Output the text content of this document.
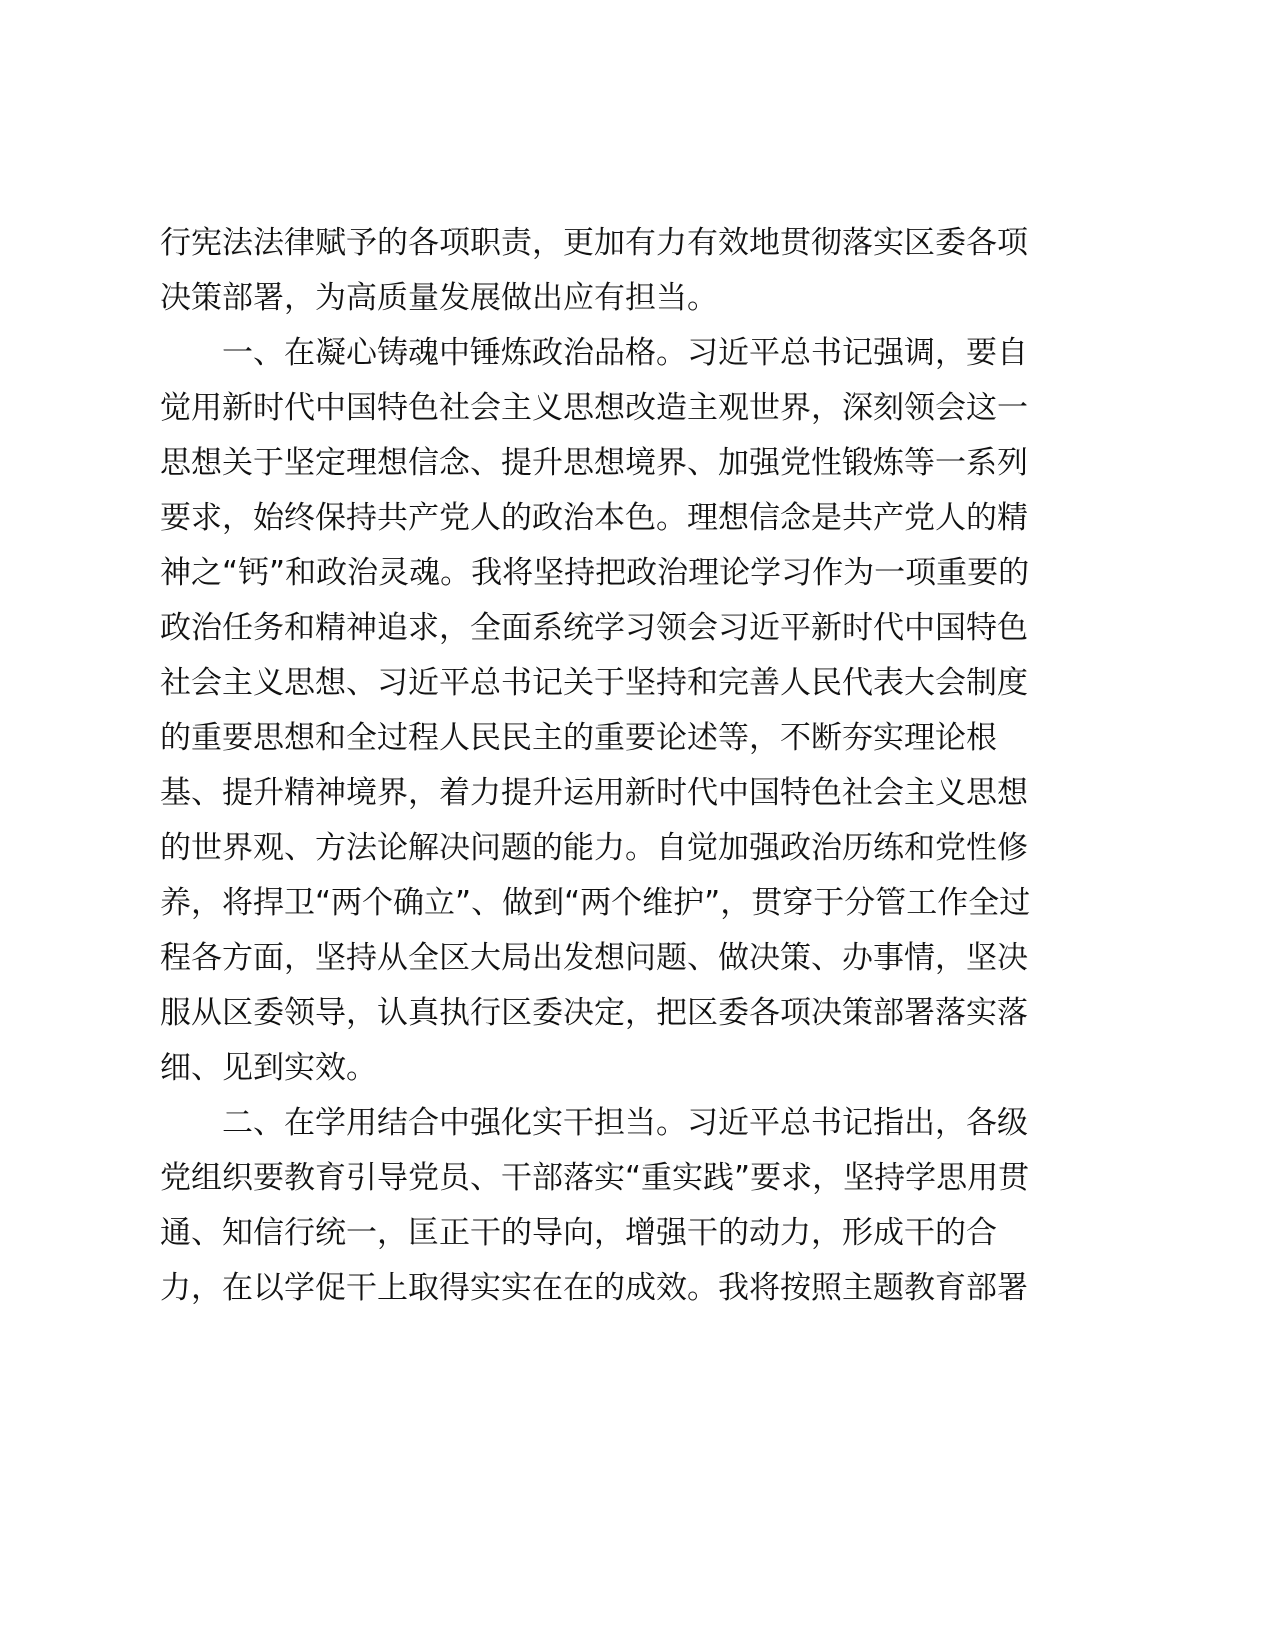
行宪法法律赋予的各项职责，更加有力有效地贯彻落实区委各项
决策部署，为高质量发展做出应有担当。
一、在凝心铸魂中锤炼政治品格。习近平总书记强调，要自
觉用新时代中国特色社会主义思想改造主观世界，深刻领会这一
思想关于坚定理想信念、提升思想境界、加强党性锻炼等一系列
要求，始终保持共产党人的政治本色。理想信念是共产党人的精
神之“钙”和政治灵魂。我将坚持把政治理论学习作为一项重要的
政治任务和精神追求，全面系统学习领会习近平新时代中国特色
社会主义思想、习近平总书记关于坚持和完善人民代表大会制度
的重要思想和全过程人民民主的重要论述等，不断夯实理论根
基、提升精神境界，着力提升运用新时代中国特色社会主义思想
的世界观、方法论解决问题的能力。自觉加强政治历练和党性修
养，将捍卫“两个确立”、做到“两个维护”，贯穿于分管工作全过
程各方面，坚持从全区大局出发想问题、做决策、办事情，坚决
服从区委领导，认真执行区委决定，把区委各项决策部署落实落
细、见到实效。
二、在学用结合中强化实干担当。习近平总书记指出，各级
党组织要教育引导党员、干部落实“重实践”要求，坚持学思用贯
通、知信行统一，匡正干的导向，增强干的动力，形成干的合
力，在以学促干上取得实实在在的成效。我将按照主题教育部署
